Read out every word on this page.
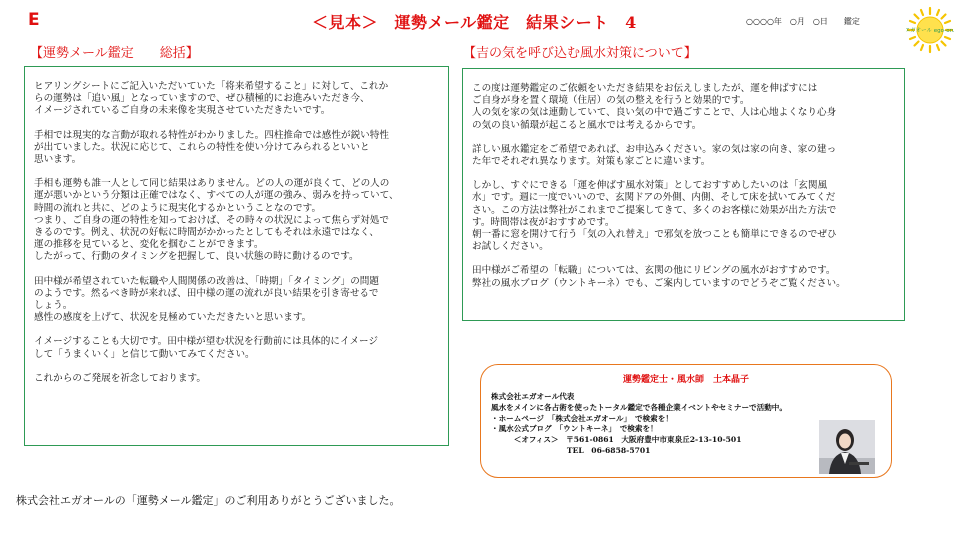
E	＜見本＞　運勢メール鑑定　結果シート　4	○○○○年　○月　○日　　鑑定
エガオール ego-oru
【運勢メール鑑定　　総括】	【吉の気を呼び込む風水対策について】
ヒアリングシートにご記入いただいていた「将来希望すること」に対して、これか
らの運勢は「追い風」となっていますので、ぜひ積極的にお進みいただき今、
イメージされているご自身の未来像を実現させていただきたいです。
手相では現実的な言動が取れる特性がわかりました。四柱推命では感性が鋭い特性
が出ていました。状況に応じて、これらの特性を使い分けてみられるといいと
思います。
手相も運勢も誰一人として同じ結果はありません。どの人の運が良くて、どの人の
運が悪いかという分類は正確ではなく、すべての人が運の強み、弱みを持っていて、
時間の流れと共に、どのように現実化するかということなのです。
つまり、ご自身の運の特性を知っておけば、その時々の状況によって焦らず対処で
きるのです。例え、状況の好転に時間がかかったとしてもそれは永遠ではなく、
運の推移を見ていると、変化を掴むことができます。
したがって、行動のタイミングを把握して、良い状態の時に動けるのです。
田中様が希望されていた転職や人間関係の改善は、「時期」「タイミング」の問題
のようです。然るべき時が来れば、田中様の運の流れが良い結果を引き寄せるで
しょう。
感性の感度を上げて、状況を見極めていただきたいと思います。
イメージすることも大切です。田中様が望む状況を行動前には具体的にイメージ
して「うまくいく」と信じて動いてみてください。
これからのご発展を祈念しております。
この度は運勢鑑定のご依頼をいただき結果をお伝えしましたが、運を伸ばすには
ご自身が身を置く環境（住居）の気の整えを行うと効果的です。
人の気を家の気は連動していて、良い気の中で過ごすことで、人は心地よくなり心身
の気の良い循環が起こると風水では考えるからです。
詳しい風水鑑定をご希望であれば、お申込みください。家の気は家の向き、家の建っ
た年でそれぞれ異なります。対策も家ごとに違います。
しかし、すぐにできる「運を伸ばす風水対策」としておすすめしたいのは「玄関風
水」です。週に一度でいいので、玄関ドアの外側、内側、そして床を拭いてみてくだ
さい。この方法は弊社がこれまでご提案してきて、多くのお客様に効果が出た方法で
す。時間帯は夜がおすすめです。
朝一番に窓を開けて行う「気の入れ替え」で邪気を放つことも簡単にできるのでぜひ
お試しください。
田中様がご希望の「転職」については、玄関の他にリビングの風水がおすすめです。
弊社の風水ブログ（ウントキーネ）でも、ご案内していますのでどうぞご覧ください。
運勢鑑定士・風水師　土本晶子
株式会社エガオール代表
風水をメインに各占術を使ったトータル鑑定で各種企業イベントやセミナーで活動中。
・ホームページ　「株式会社エガオール」　で検索を！
・風水公式ブログ　「ウントキーネ」　で検索を！
　　　＜オフィス＞　〒561-0861　大阪府豊中市東泉丘2-13-10-501
　　　　　　　　　　TEL　06-6858-5701
株式会社エガオールの「運勢メール鑑定」のご利用ありがとうございました。
